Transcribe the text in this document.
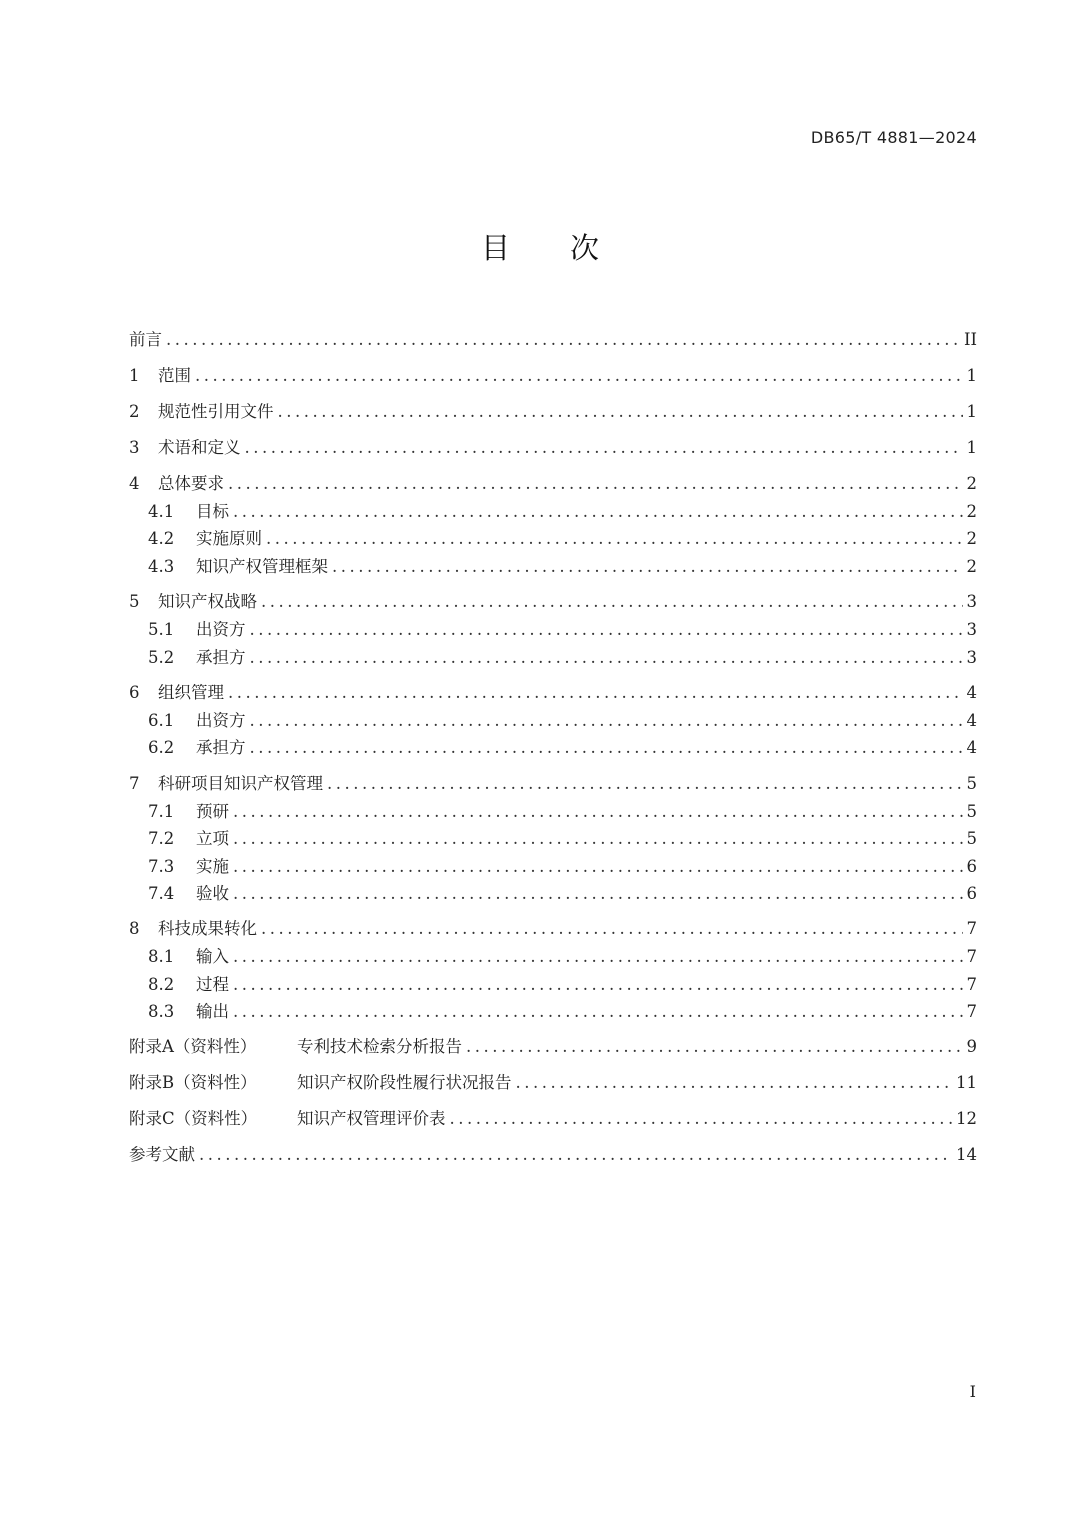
DB65/T 4881—2024
目 次
前言 .....	II
1	范围 .....	1
2	规范性引用文件 .....	1
3	术语和定义 .....	1
4	总体要求 .....	2
4.1	目标 .....	2
4.2	实施原则 .....	2
4.3	知识产权管理框架 .....	2
5	知识产权战略 .....	3
5.1	出资方 .....	3
5.2	承担方 .....	3
6	组织管理 .....	4
6.1	出资方 .....	4
6.2	承担方 .....	4
7	科研项目知识产权管理 .....	5
7.1	预研 .....	5
7.2	立项 .....	5
7.3	实施 .....	6
7.4	验收 .....	6
8	科技成果转化 .....	7
8.1	输入 .....	7
8.2	过程 .....	7
8.3	输出 .....	7
附录A（资料性）	专利技术检索分析报告 .....	9
附录B（资料性）	知识产权阶段性履行状况报告 .....	11
附录C（资料性）	知识产权管理评价表 .....	12
参考文献 .....	14
I
